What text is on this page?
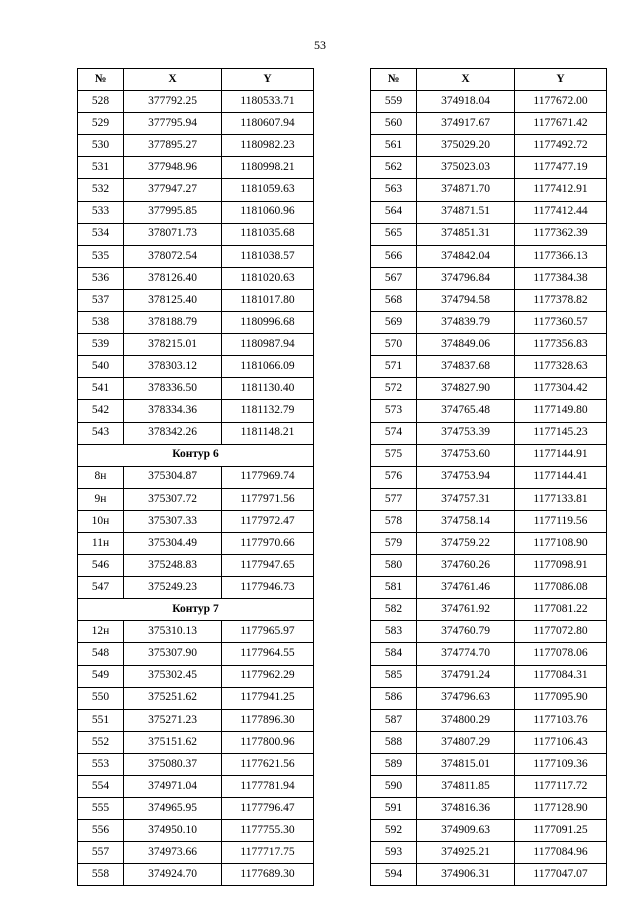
53
№	X	Y
528	377792.25	1180533.71
529	377795.94	1180607.94
530	377895.27	1180982.23
531	377948.96	1180998.21
532	377947.27	1181059.63
533	377995.85	1181060.96
534	378071.73	1181035.68
535	378072.54	1181038.57
536	378126.40	1181020.63
537	378125.40	1181017.80
538	378188.79	1180996.68
539	378215.01	1180987.94
540	378303.12	1181066.09
541	378336.50	1181130.40
542	378334.36	1181132.79
543	378342.26	1181148.21
Контур 6		
8н	375304.87	1177969.74
9н	375307.72	1177971.56
10н	375307.33	1177972.47
11н	375304.49	1177970.66
546	375248.83	1177947.65
547	375249.23	1177946.73
Контур 7		
12н	375310.13	1177965.97
548	375307.90	1177964.55
549	375302.45	1177962.29
550	375251.62	1177941.25
551	375271.23	1177896.30
552	375151.62	1177800.96
553	375080.37	1177621.56
554	374971.04	1177781.94
555	374965.95	1177796.47
556	374950.10	1177755.30
557	374973.66	1177717.75
558	374924.70	1177689.30
№	X	Y
559	374918.04	1177672.00
560	374917.67	1177671.42
561	375029.20	1177492.72
562	375023.03	1177477.19
563	374871.70	1177412.91
564	374871.51	1177412.44
565	374851.31	1177362.39
566	374842.04	1177366.13
567	374796.84	1177384.38
568	374794.58	1177378.82
569	374839.79	1177360.57
570	374849.06	1177356.83
571	374837.68	1177328.63
572	374827.90	1177304.42
573	374765.48	1177149.80
574	374753.39	1177145.23
575	374753.60	1177144.91
576	374753.94	1177144.41
577	374757.31	1177133.81
578	374758.14	1177119.56
579	374759.22	1177108.90
580	374760.26	1177098.91
581	374761.46	1177086.08
582	374761.92	1177081.22
583	374760.79	1177072.80
584	374774.70	1177078.06
585	374791.24	1177084.31
586	374796.63	1177095.90
587	374800.29	1177103.76
588	374807.29	1177106.43
589	374815.01	1177109.36
590	374811.85	1177117.72
591	374816.36	1177128.90
592	374909.63	1177091.25
593	374925.21	1177084.96
594	374906.31	1177047.07
